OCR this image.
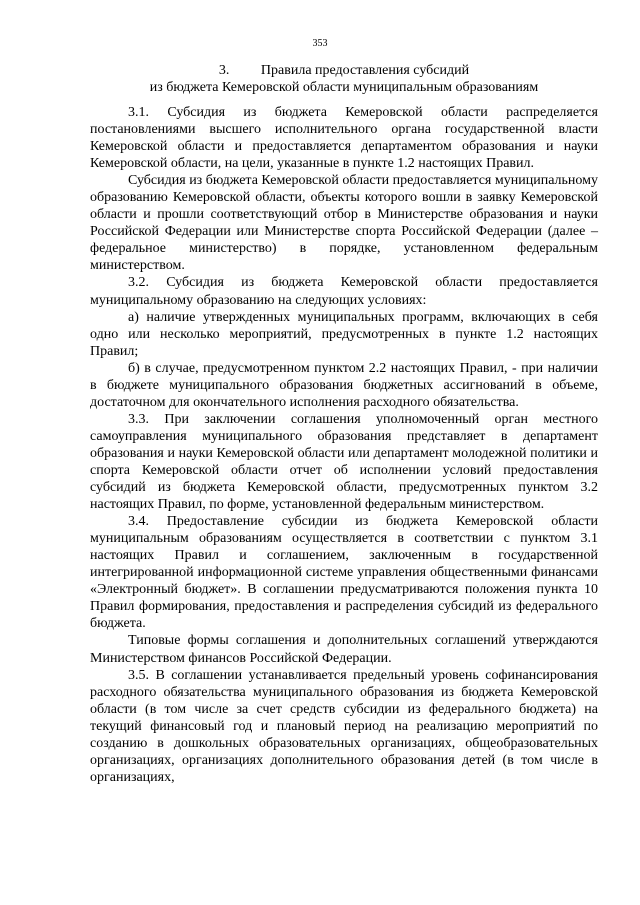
353
3. Правила предоставления субсидий
из бюджета Кемеровской области муниципальным образованиям

3.1. Субсидия из бюджета Кемеровской области распределяется постановлениями высшего исполнительного органа государственной власти Кемеровской области и предоставляется департаментом образования и науки Кемеровской области, на цели, указанные в пункте 1.2 настоящих Правил.

Субсидия из бюджета Кемеровской области предоставляется муниципальному образованию Кемеровской области, объекты которого вошли в заявку Кемеровской области и прошли соответствующий отбор в Министерстве образования и науки Российской Федерации или Министерстве спорта Российской Федерации (далее – федеральное министерство) в порядке, установленном федеральным министерством.

3.2. Субсидия из бюджета Кемеровской области предоставляется муниципальному образованию на следующих условиях:

а) наличие утвержденных муниципальных программ, включающих в себя одно или несколько мероприятий, предусмотренных в пункте 1.2 настоящих Правил;

б) в случае, предусмотренном пунктом 2.2 настоящих Правил, - при наличии в бюджете муниципального образования бюджетных ассигнований в объеме, достаточном для окончательного исполнения расходного обязательства.

3.3. При заключении соглашения уполномоченный орган местного самоуправления муниципального образования представляет в департамент образования и науки Кемеровской области или департамент молодежной политики и спорта Кемеровской области отчет об исполнении условий предоставления субсидий из бюджета Кемеровской области, предусмотренных пунктом 3.2 настоящих Правил, по форме, установленной федеральным министерством.

3.4. Предоставление субсидии из бюджета Кемеровской области муниципальным образованиям осуществляется в соответствии с пунктом 3.1 настоящих Правил и соглашением, заключенным в государственной интегрированной информационной системе управления общественными финансами «Электронный бюджет». В соглашении предусматриваются положения пункта 10 Правил формирования, предоставления и распределения субсидий из федерального бюджета.

Типовые формы соглашения и дополнительных соглашений утверждаются Министерством финансов Российской Федерации.

3.5. В соглашении устанавливается предельный уровень софинансирования расходного обязательства муниципального образования из бюджета Кемеровской области (в том числе за счет средств субсидии из федерального бюджета) на текущий финансовый год и плановый период на реализацию мероприятий по созданию в дошкольных образовательных организациях, общеобразовательных организациях, организациях дополнительного образования детей (в том числе в организациях,
